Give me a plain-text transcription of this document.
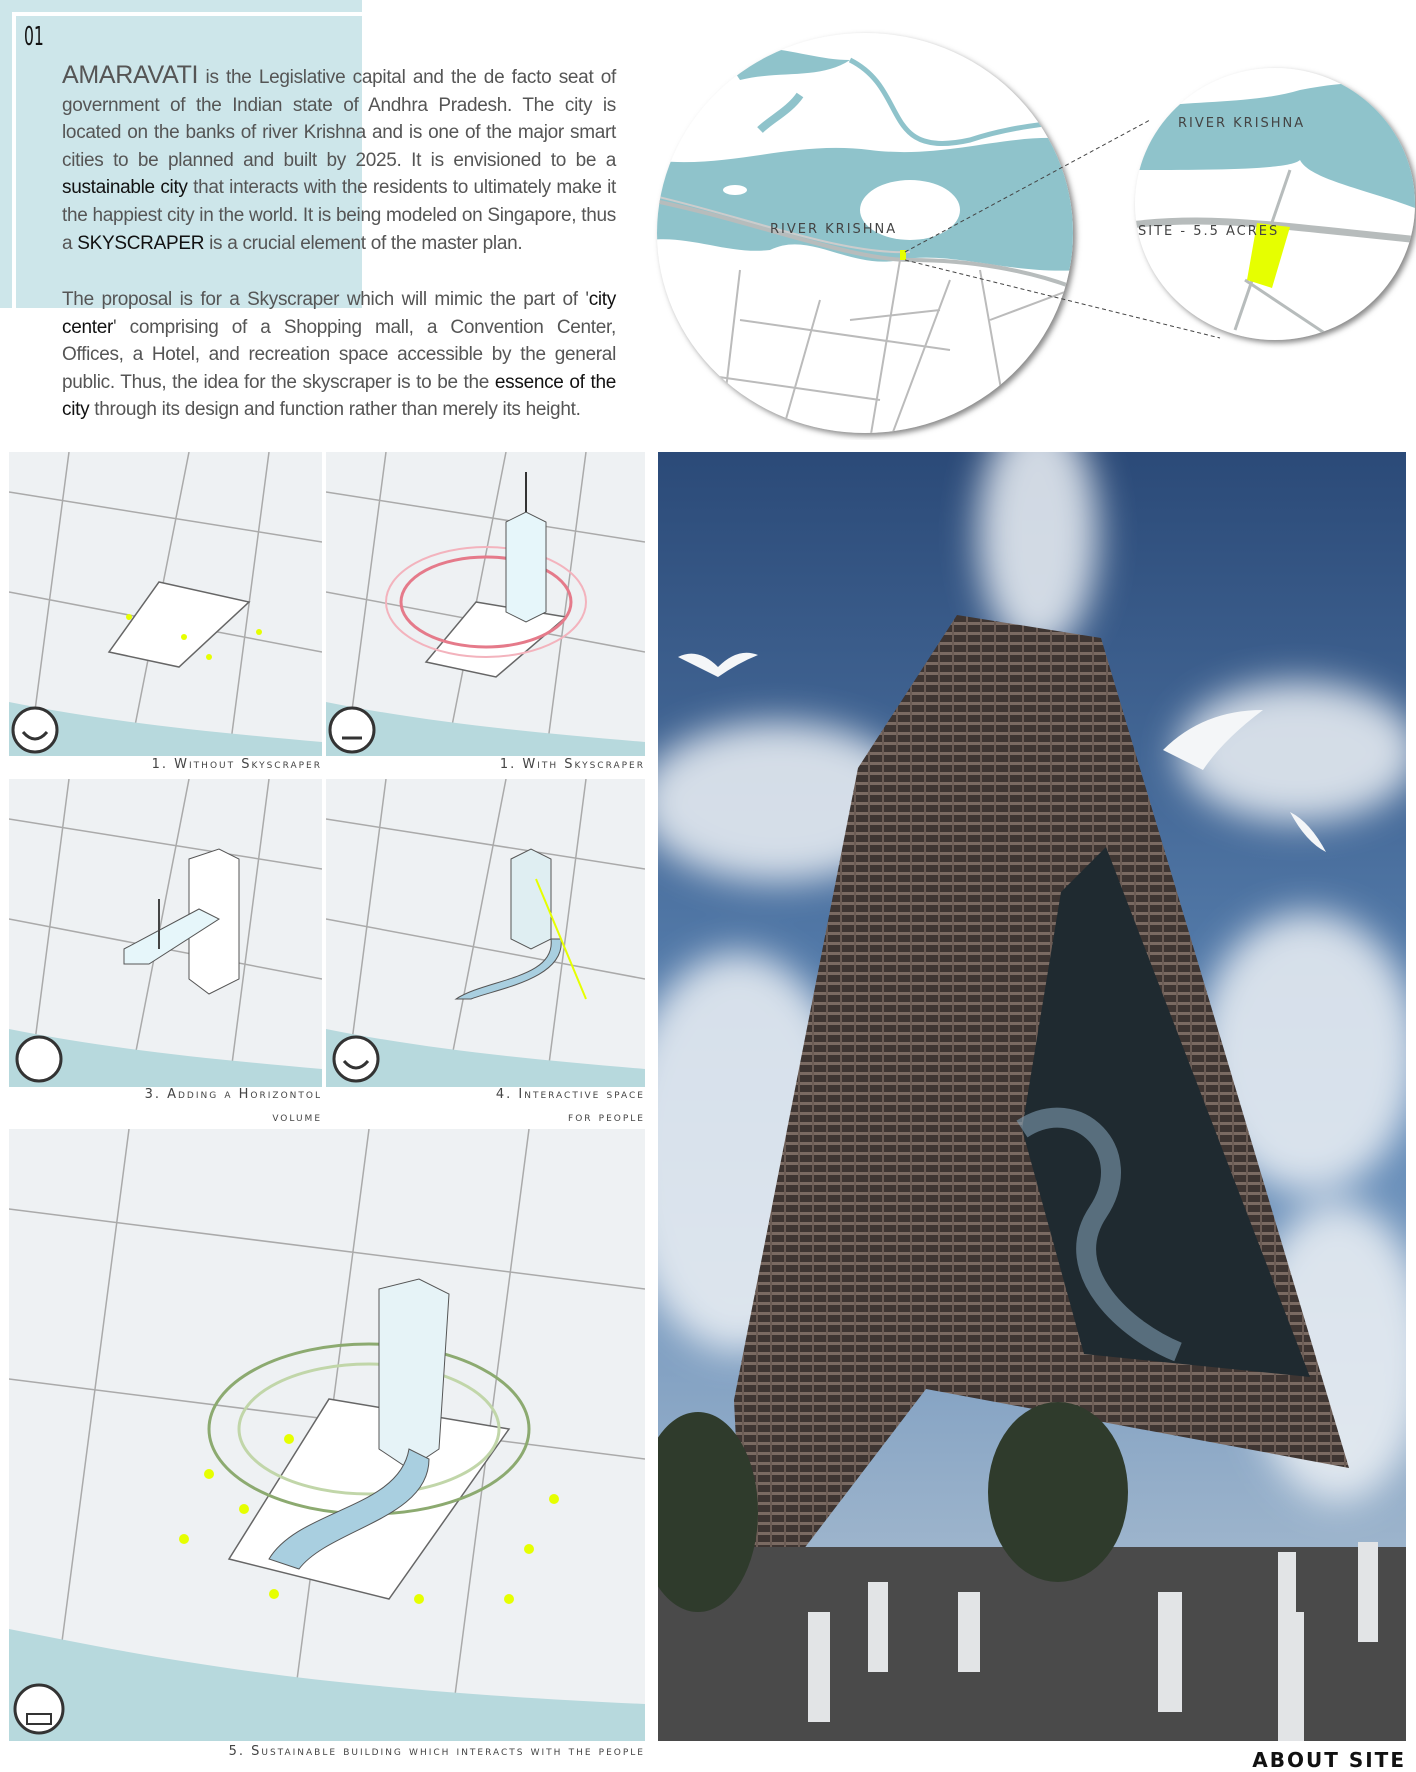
01
AMARAVATI is the Legislative capital and the de facto seat of government of the Indian state of Andhra Pradesh. The city is located on the banks of river Krishna and is one of the major smart cities to be planned and built by 2025. It is envisioned to be a sustainable city that interacts with the residents to ultimately make it the happiest city in the world. It is being modeled on Singapore, thus a SKYSCRAPER is a crucial element of the master plan.
The proposal is for a Skyscraper which will mimic the part of 'city center' comprising of a Shopping mall, a Convention Center, Offices, a Hotel, and recreation space accessible by the general public. Thus, the idea for the skyscraper is to be the essence of the city through its design and function rather than merely its height.
RIVER KRISHNA
RIVER KRISHNA
SITE - 5.5 ACRES
1. Without Skyscraper	1. With Skyscraper
3. Adding a Horizontol
volume
4. Interactive space
for people
5. Sustainable building which interacts with the people	ABOUT SITE
